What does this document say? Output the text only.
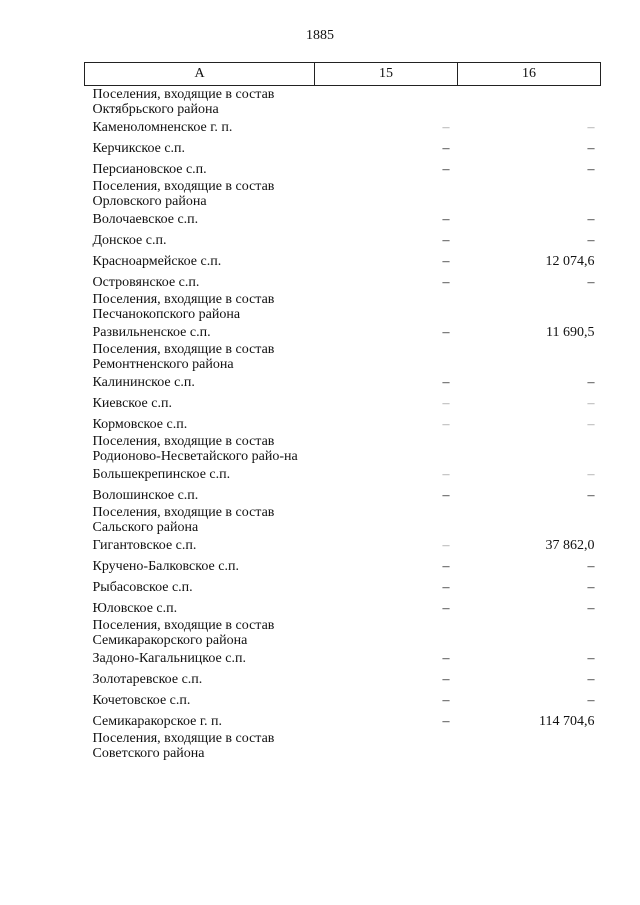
1885
А	15	16
Поселения, входящие в состав Октябрьского района		
Каменоломненское г. п.	–	–
Керчикское с.п.	–	–
Персиановское с.п.	–	–
Поселения, входящие в состав Орловского района		
Волочаевское с.п.	–	–
Донское с.п.	–	–
Красноармейское с.п.	–	12 074,6
Островянское с.п.	–	–
Поселения, входящие в состав Песчанокопского района		
Развильненское с.п.	–	11 690,5
Поселения, входящие в состав Ремонтненского района		
Калининское с.п.	–	–
Киевское с.п.	–	–
Кормовское с.п.	–	–
Поселения, входящие в состав Родионово-Несветайского райо-на		
Большекрепинское с.п.	–	–
Волошинское с.п.	–	–
Поселения, входящие в состав Сальского района		
Гигантовское с.п.	–	37 862,0
Кручено-Балковское с.п.	–	–
Рыбасовское с.п.	–	–
Юловское с.п.	–	–
Поселения, входящие в состав Семикаракорского района		
Задоно-Кагальницкое с.п.	–	–
Золотаревское с.п.	–	–
Кочетовское с.п.	–	–
Семикаракорское г. п.	–	114 704,6
Поселения, входящие в состав Советского района		
